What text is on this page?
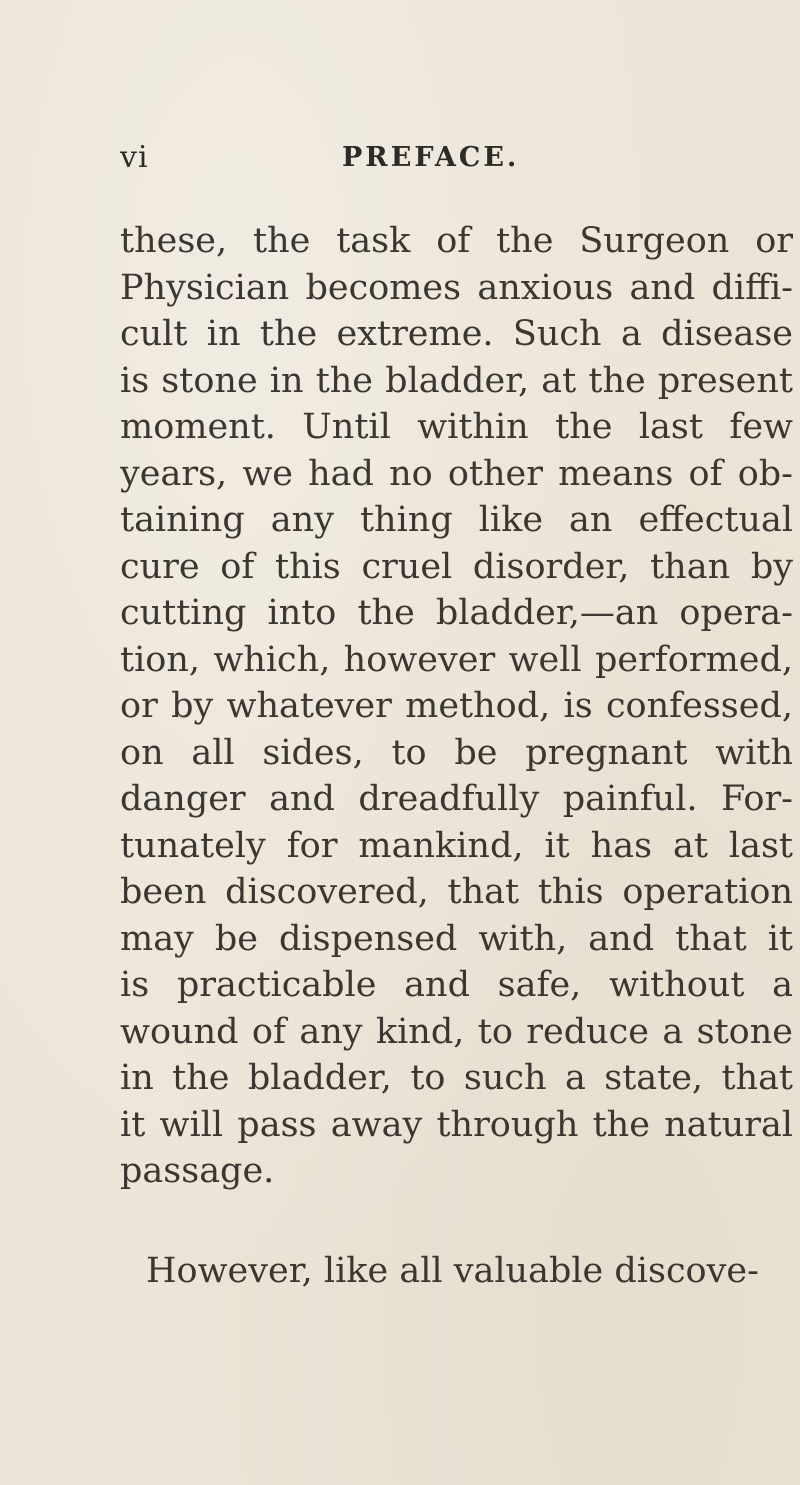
vi	PREFACE.
these, the task of the Surgeon or
Physician becomes anxious and diffi-
cult in the extreme. Such a disease
is stone in the bladder, at the present
moment. Until within the last few
years, we had no other means of ob-
taining any thing like an effectual
cure of this cruel disorder, than by
cutting into the bladder,—an opera-
tion, which, however well performed,
or by whatever method, is confessed,
on all sides, to be pregnant with
danger and dreadfully painful. For-
tunately for mankind, it has at last
been discovered, that this operation
may be dispensed with, and that it
is practicable and safe, without a
wound of any kind, to reduce a stone
in the bladder, to such a state, that
it will pass away through the natural
passage.
However, like all valuable discove-
